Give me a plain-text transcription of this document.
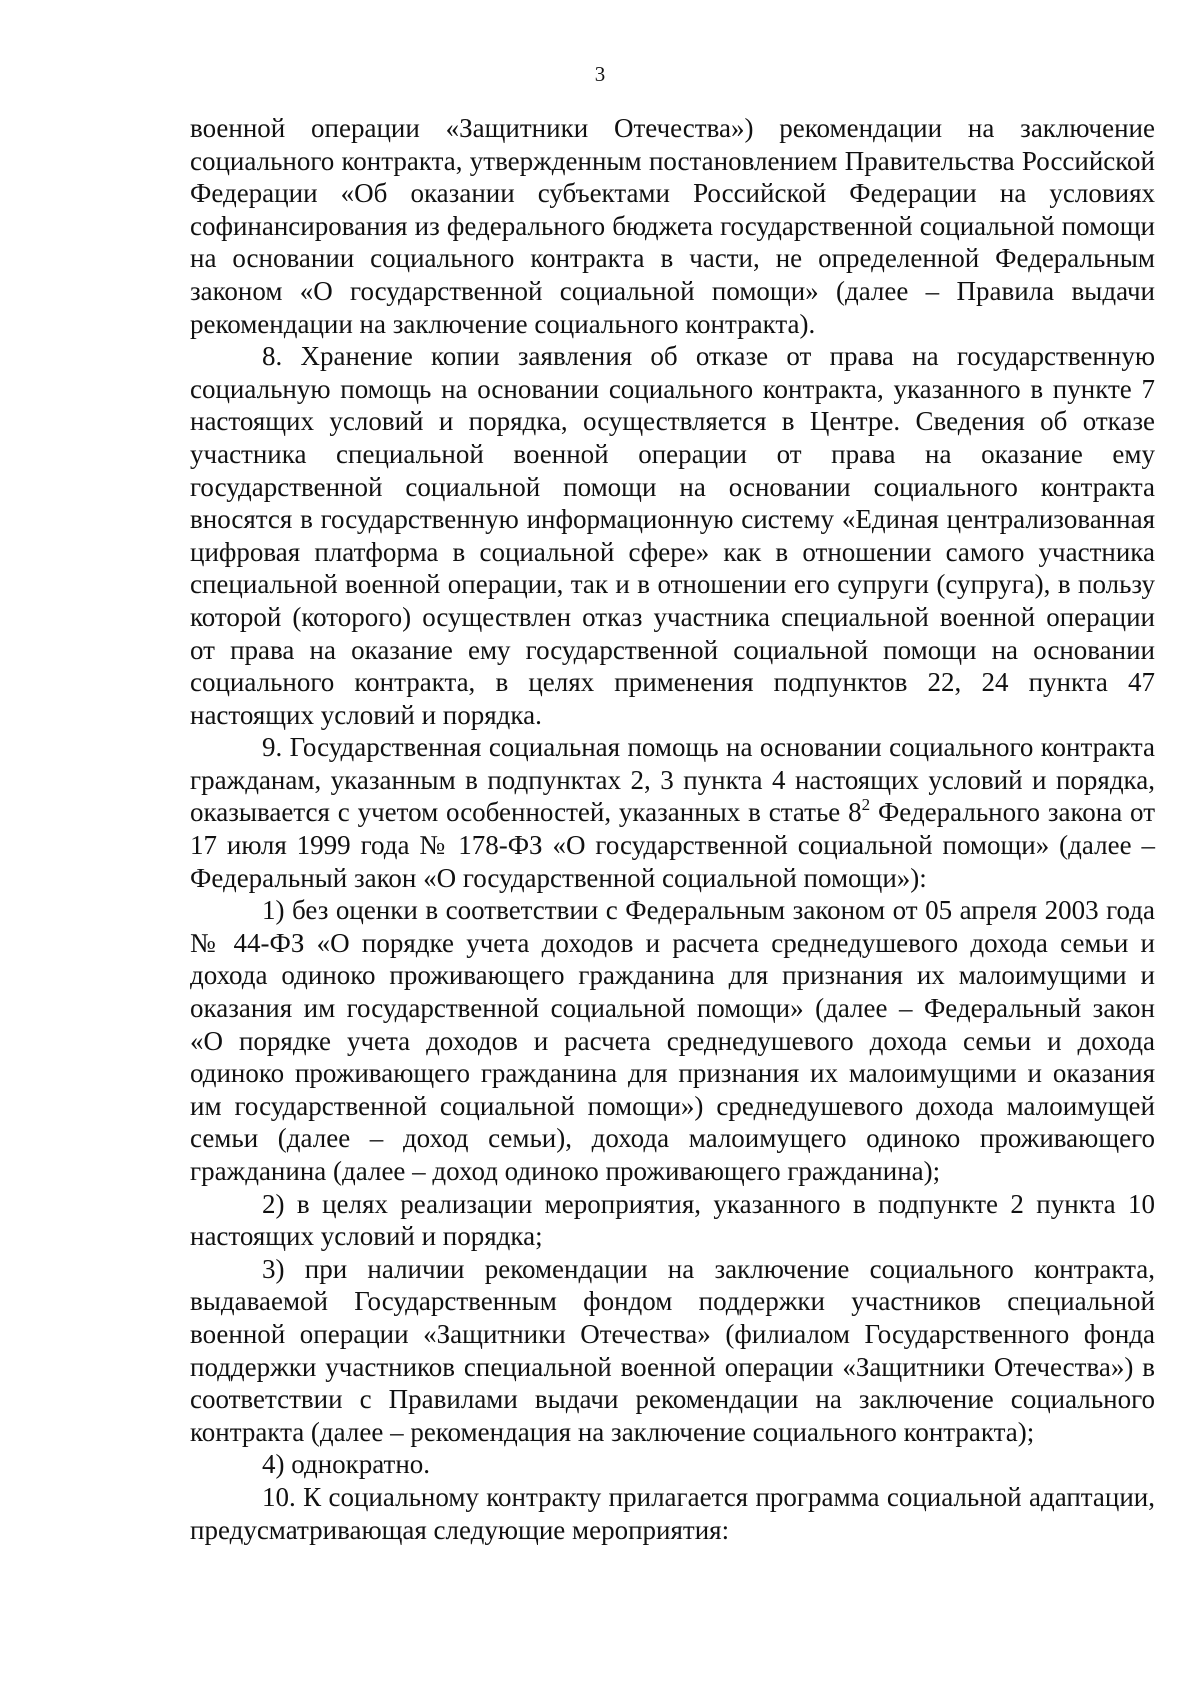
3

военной операции «Защитники Отечества») рекомендации на заключение социального контракта, утвержденным постановлением Правительства Российской Федерации «Об оказании субъектами Российской Федерации на условиях софинансирования из федерального бюджета государственной социальной помощи на основании социального контракта в части, не определенной Федеральным законом «О государственной социальной помощи» (далее – Правила выдачи рекомендации на заключение социального контракта).

8. Хранение копии заявления об отказе от права на государственную социальную помощь на основании социального контракта, указанного в пункте 7 настоящих условий и порядка, осуществляется в Центре. Сведения об отказе участника специальной военной операции от права на оказание ему государственной социальной помощи на основании социального контракта вносятся в государственную информационную систему «Единая централизованная цифровая платформа в социальной сфере» как в отношении самого участника специальной военной операции, так и в отношении его супруги (супруга), в пользу которой (которого) осуществлен отказ участника специальной военной операции от права на оказание ему государственной социальной помощи на основании социального контракта, в целях применения подпунктов 22, 24 пункта 47 настоящих условий и порядка.

9. Государственная социальная помощь на основании социального контракта гражданам, указанным в подпунктах 2, 3 пункта 4 настоящих условий и порядка, оказывается с учетом особенностей, указанных в статье $8^2$ Федерального закона от 17 июля 1999 года № 178-ФЗ «О государственной социальной помощи» (далее – Федеральный закон «О государственной социальной помощи»):

1) без оценки в соответствии с Федеральным законом от 05 апреля 2003 года № 44-ФЗ «О порядке учета доходов и расчета среднедушевого дохода семьи и дохода одиноко проживающего гражданина для признания их малоимущими и оказания им государственной социальной помощи» (далее – Федеральный закон «О порядке учета доходов и расчета среднедушевого дохода семьи и дохода одиноко проживающего гражданина для признания их малоимущими и оказания им государственной социальной помощи») среднедушевого дохода малоимущей семьи (далее – доход семьи), дохода малоимущего одиноко проживающего гражданина (далее – доход одиноко проживающего гражданина);

2) в целях реализации мероприятия, указанного в подпункте 2 пункта 10 настоящих условий и порядка;

3) при наличии рекомендации на заключение социального контракта, выдаваемой Государственным фондом поддержки участников специальной военной операции «Защитники Отечества» (филиалом Государственного фонда поддержки участников специальной военной операции «Защитники Отечества») в соответствии с Правилами выдачи рекомендации на заключение социального контракта (далее – рекомендация на заключение социального контракта);

4) однократно.

10. К социальному контракту прилагается программа социальной адаптации, предусматривающая следующие мероприятия:
